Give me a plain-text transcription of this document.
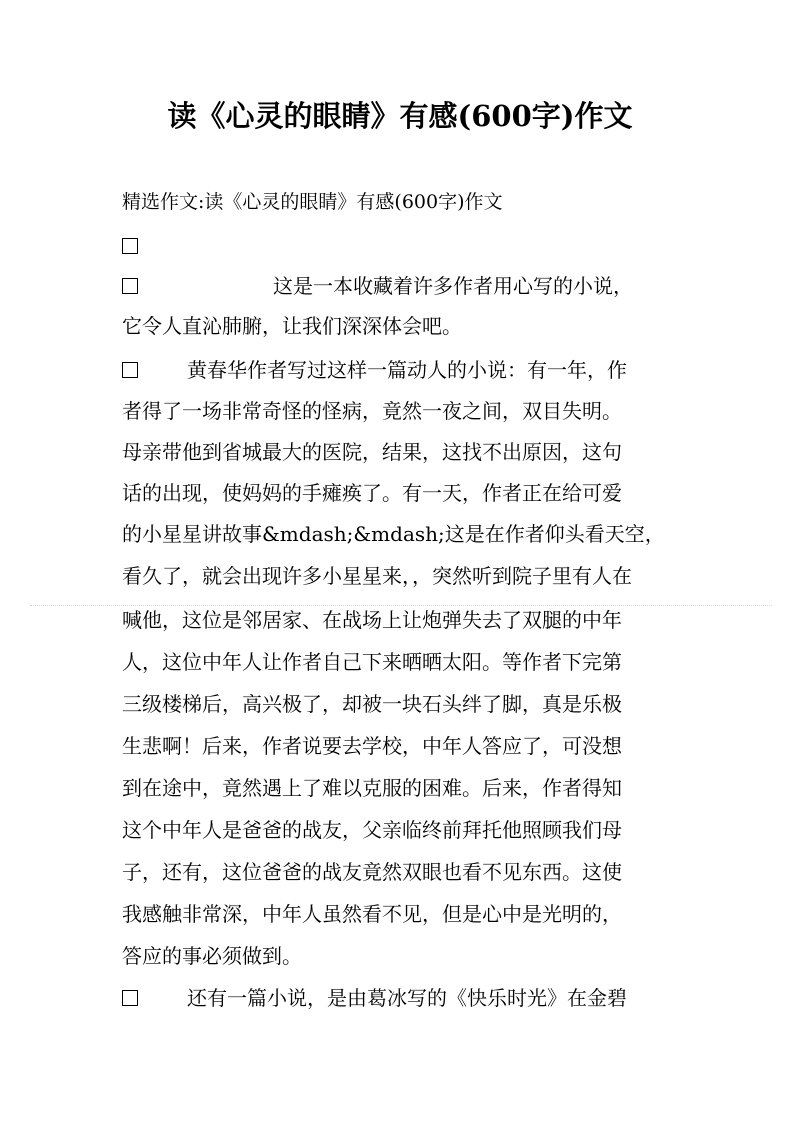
读《心灵的眼睛》有感(600字)作文
精选作文:读《心灵的眼睛》有感(600字)作文
这是一本收藏着许多作者用心写的小说，
它令人直沁肺腑，让我们深深体会吧。
黄春华作者写过这样一篇动人的小说：有一年，作
者得了一场非常奇怪的怪病，竟然一夜之间，双目失明。
母亲带他到省城最大的医院，结果，这找不出原因，这句
话的出现，使妈妈的手瘫痪了。有一天，作者正在给可爱
的小星星讲故事&mdash;&mdash;这是在作者仰头看天空，
看久了，就会出现许多小星星来，，突然听到院子里有人在
喊他，这位是邻居家、在战场上让炮弹失去了双腿的中年
人，这位中年人让作者自己下来晒晒太阳。等作者下完第
三级楼梯后，高兴极了，却被一块石头绊了脚，真是乐极
生悲啊！后来，作者说要去学校，中年人答应了，可没想
到在途中，竟然遇上了难以克服的困难。后来，作者得知
这个中年人是爸爸的战友，父亲临终前拜托他照顾我们母
子，还有，这位爸爸的战友竟然双眼也看不见东西。这使
我感触非常深，中年人虽然看不见，但是心中是光明的，
答应的事必须做到。
还有一篇小说，是由葛冰写的《快乐时光》在金碧
